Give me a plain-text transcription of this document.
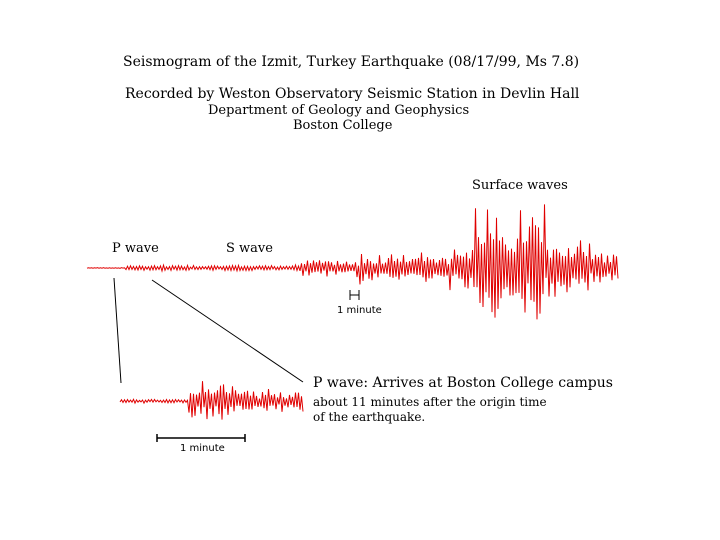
Seismogram of the Izmit, Turkey Earthquake (08/17/99, Ms 7.8)
Recorded by Weston Observatory Seismic Station in Devlin Hall
Department of Geology and Geophysics
Boston College
Surface waves
P wave	S wave
1 minute
1 minute
P wave: Arrives at Boston College campus
about 11 minutes after the origin time
of the earthquake.
